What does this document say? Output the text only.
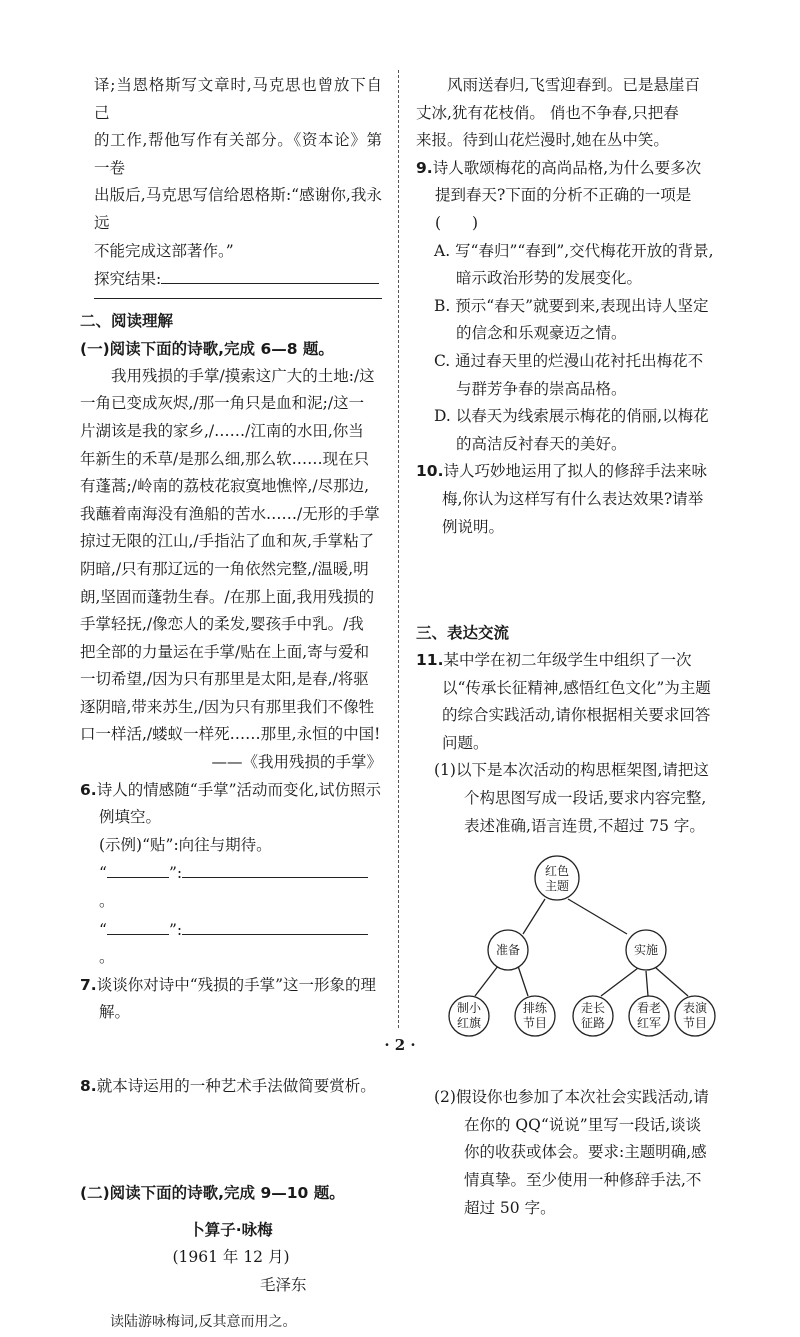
译;当恩格斯写文章时,马克思也曾放下自己

的工作,帮他写作有关部分。《资本论》第一卷

出版后,马克思写信给恩格斯:“感谢你,我永远

不能完成这部著作。”

探究结果:

二、阅读理解

(一)阅读下面的诗歌,完成 6—8 题。

我用残损的手掌/摸索这广大的土地:/这

一角已变成灰烬,/那一角只是血和泥;/这一

片湖该是我的家乡,/……/江南的水田,你当

年新生的禾草/是那么细,那么软……现在只

有蓬蒿;/岭南的荔枝花寂寞地憔悴,/尽那边,

我蘸着南海没有渔船的苦水……/无形的手掌

掠过无限的江山,/手指沾了血和灰,手掌粘了

阴暗,/只有那辽远的一角依然完整,/温暖,明

朗,坚固而蓬勃生春。/在那上面,我用残损的

手掌轻抚,/像恋人的柔发,婴孩手中乳。/我

把全部的力量运在手掌/贴在上面,寄与爱和

一切希望,/因为只有那里是太阳,是春,/将驱

逐阴暗,带来苏生,/因为只有那里我们不像牲

口一样活,/蝼蚁一样死……那里,永恒的中国!

——《我用残损的手掌》

6.诗人的情感随“手掌”活动而变化,试仿照示例填空。

(示例)“贴”:向往与期待。

“	”:。

“	”:。

7.谈谈你对诗中“残损的手掌”这一形象的理解。

8.就本诗运用的一种艺术手法做简要赏析。

(二)阅读下面的诗歌,完成 9—10 题。

卜算子·咏梅

(1961 年 12 月)

毛泽东

读陆游咏梅词,反其意而用之。

风雨送春归,飞雪迎春到。已是悬崖百

丈冰,犹有花枝俏。 俏也不争春,只把春

来报。待到山花烂漫时,她在丛中笑。

9.诗人歌颂梅花的高尚品格,为什么要多次提到春天?下面的分析不正确的一项是(　　)

A. 写“春归”“春到”,交代梅花开放的背景,暗示政治形势的发展变化。

B. 预示“春天”就要到来,表现出诗人坚定的信念和乐观豪迈之情。

C. 通过春天里的烂漫山花衬托出梅花不与群芳争春的崇高品格。

D. 以春天为线索展示梅花的俏丽,以梅花的高洁反衬春天的美好。

10.诗人巧妙地运用了拟人的修辞手法来咏梅,你认为这样写有什么表达效果?请举例说明。

三、表达交流

11.某中学在初二年级学生中组织了一次以“传承长征精神,感悟红色文化”为主题的综合实践活动,请你根据相关要求回答问题。

(1)以下是本次活动的构思框架图,请把这个构思图写成一段话,要求内容完整,表述准确,语言连贯,不超过 75 字。

红色
主题
准备	实施
制小
红旗
排练
节目
走长
征路
看老
红军
表演
节目

(2)假设你也参加了本次社会实践活动,请在你的 QQ“说说”里写一段话,谈谈你的收获或体会。要求:主题明确,感情真挚。至少使用一种修辞手法,不超过 50 字。

· 2 ·
